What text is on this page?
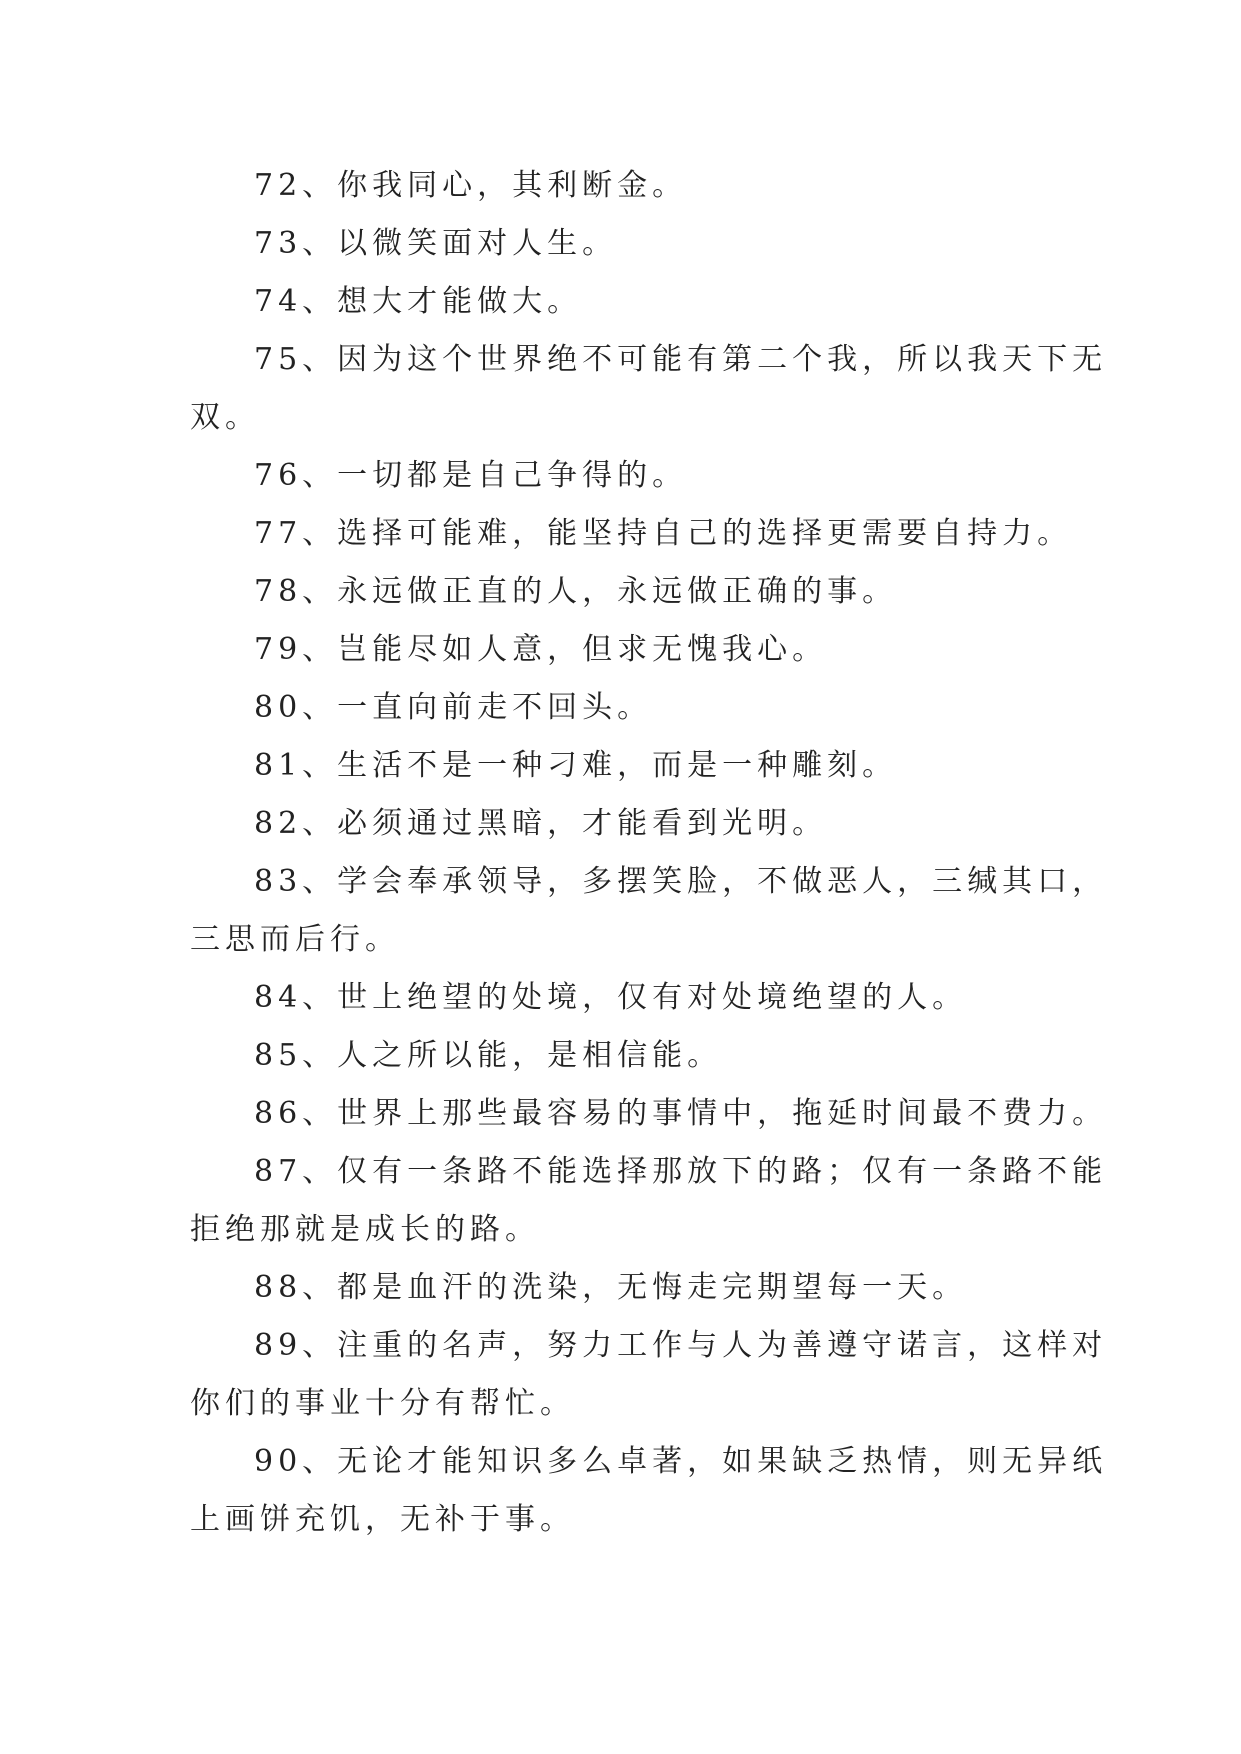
72、你我同心，其利断金。
73、以微笑面对人生。
74、想大才能做大。
75、因为这个世界绝不可能有第二个我，所以我天下无
双。
76、一切都是自己争得的。
77、选择可能难，能坚持自己的选择更需要自持力。
78、永远做正直的人，永远做正确的事。
79、岂能尽如人意，但求无愧我心。
80、一直向前走不回头。
81、生活不是一种刁难，而是一种雕刻。
82、必须通过黑暗，才能看到光明。
83、学会奉承领导，多摆笑脸，不做恶人，三缄其口，
三思而后行。
84、世上绝望的处境，仅有对处境绝望的人。
85、人之所以能，是相信能。
86、世界上那些最容易的事情中，拖延时间最不费力。
87、仅有一条路不能选择那放下的路；仅有一条路不能
拒绝那就是成长的路。
88、都是血汗的洗染，无悔走完期望每一天。
89、注重的名声，努力工作与人为善遵守诺言，这样对
你们的事业十分有帮忙。
90、无论才能知识多么卓著，如果缺乏热情，则无异纸
上画饼充饥，无补于事。
